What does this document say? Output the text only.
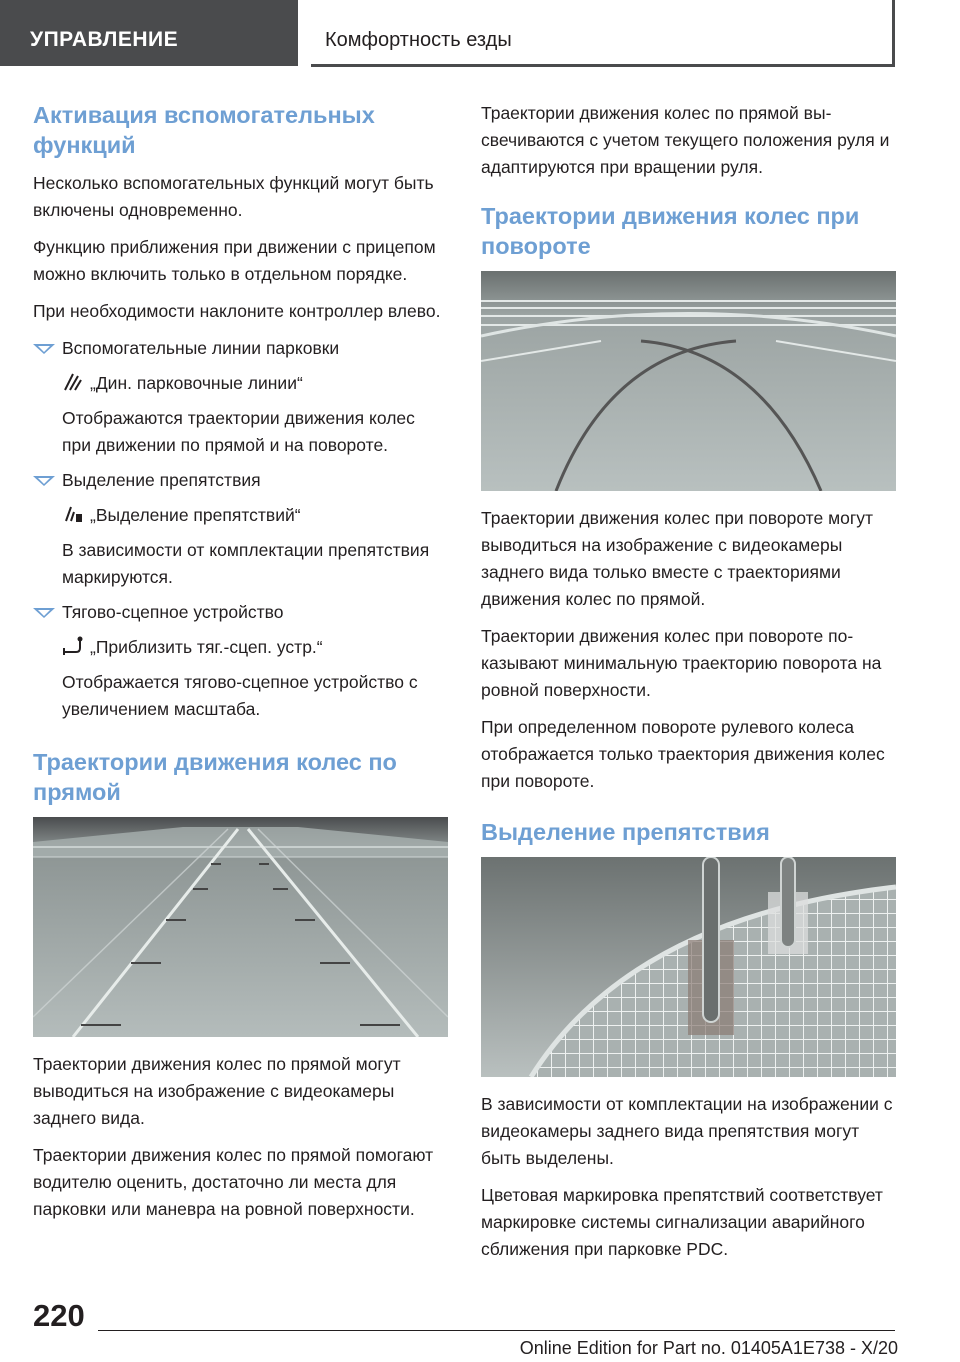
УПРАВЛЕНИЕ	Комфортность езды
Активация вспомогательных функций

Несколько вспомогательных функций могут быть включены одновременно.

Функцию приближения при движении с прицепом можно включить только в отдельном порядке.

При необходимости наклоните контроллер влево.

Вспомогательные линии парковки
„Дин. парковочные линии“
Отображаются траектории движения колес при движении по прямой и на повороте.
Выделение препятствия
„Выделение препятствий“
В зависимости от комплектации препятствия маркируются.
Тягово-сцепное устройство
„Приблизить тяг.-сцеп. устр.“
Отображается тягово-сцепное устройство с увеличением масштаба.
Траектории движения колес по прямой

Траектории движения колес по прямой могут выводиться на изображение с видеокамеры заднего вида.

Траектории движения колес по прямой помогают водителю оценить, достаточно ли места для парковки или маневра на ровной поверхности.

Траектории движения колес по прямой высвечиваются с учетом текущего положения руля и адаптируются при вращении руля.

Траектории движения колес при повороте

Траектории движения колес при повороте могут выводиться на изображение с видеокамеры заднего вида только вместе с траекториями движения колес по прямой.

Траектории движения колес при повороте показывают минимальную траекторию поворота на ровной поверхности.

При определенном повороте рулевого колеса отображается только траектория движения колес при повороте.

Выделение препятствия

В зависимости от комплектации на изображении с видеокамеры заднего вида препятствия могут быть выделены.

Цветовая маркировка препятствий соответствует маркировке системы сигнализации аварийного сближения при парковке PDC.

220
Online Edition for Part no. 01405A1E738 - X/20
